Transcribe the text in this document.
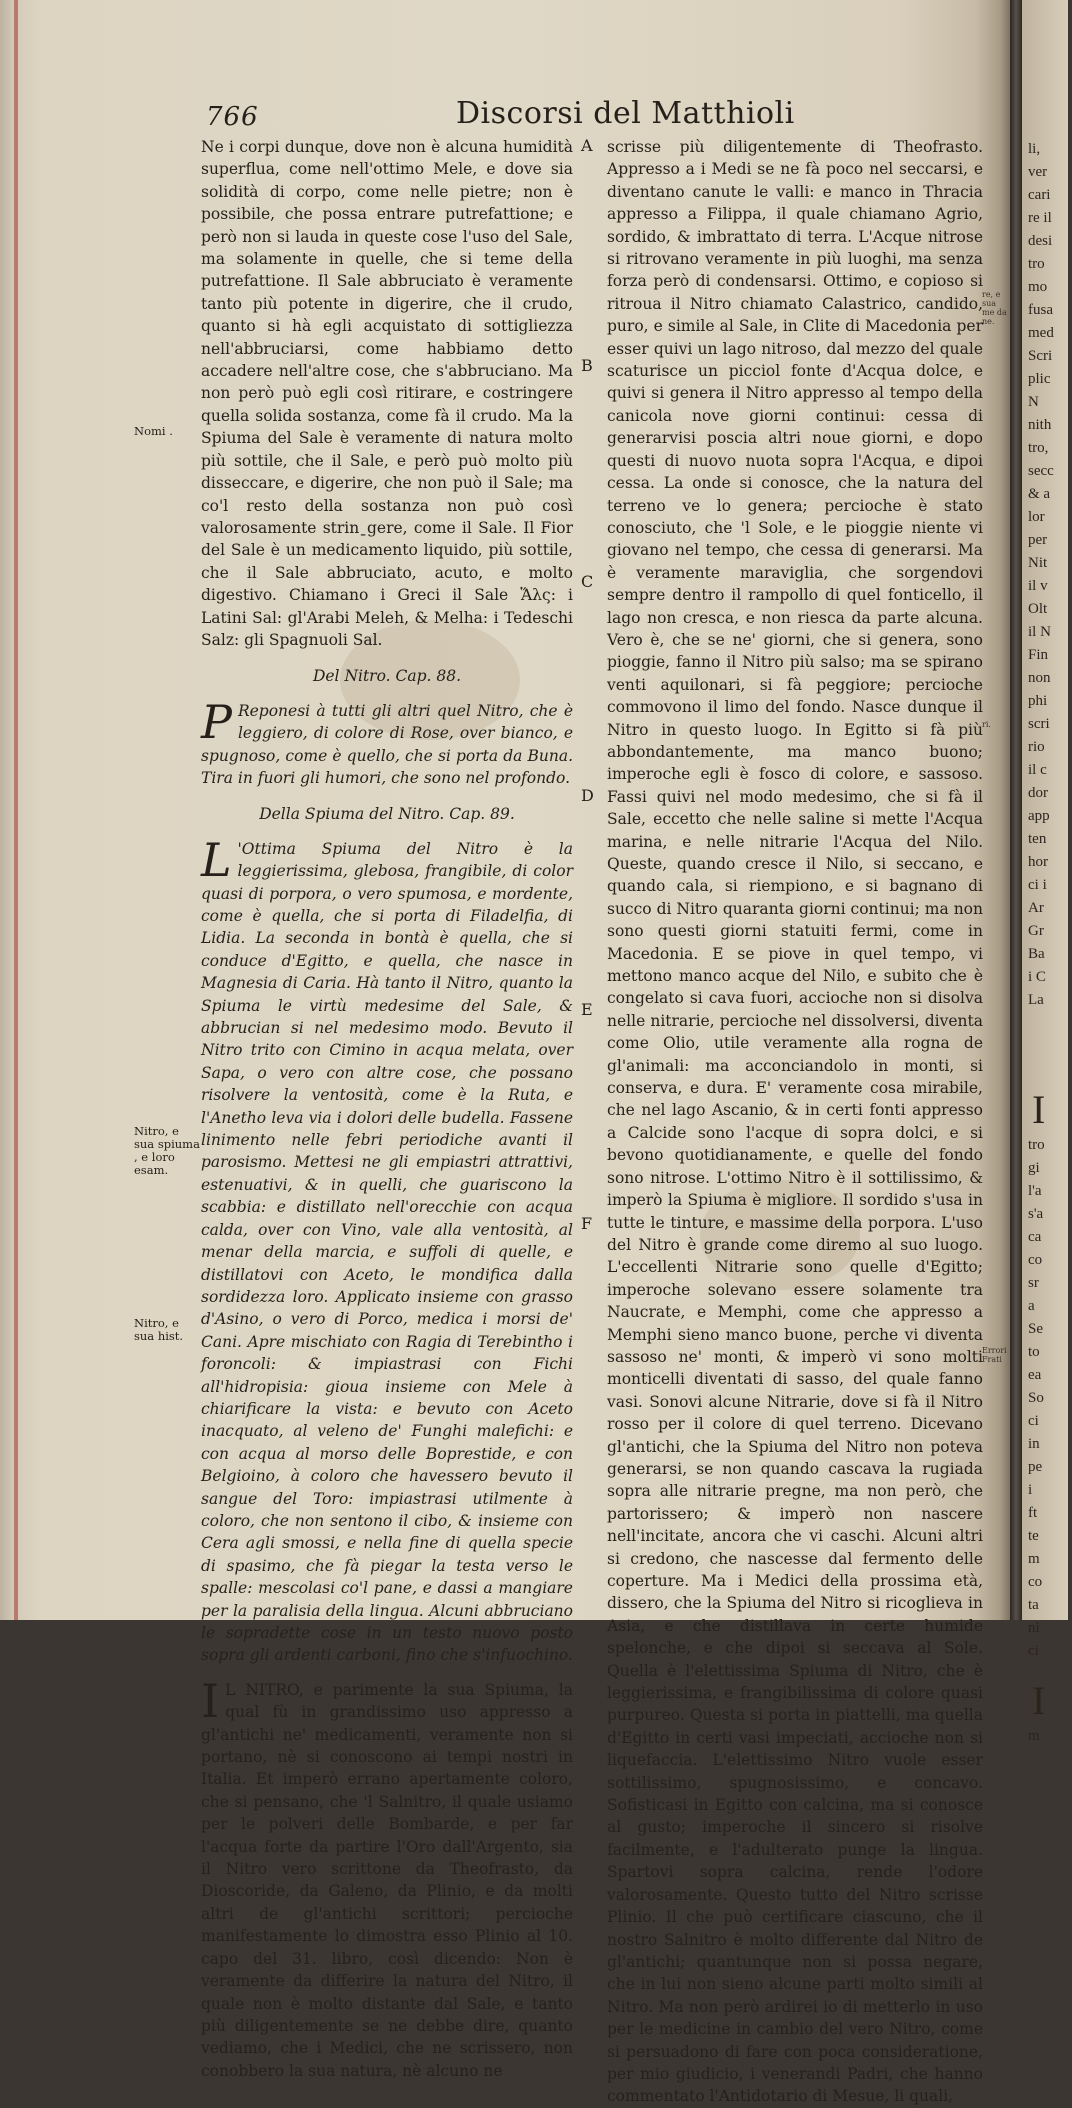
766	Discorsi del Matthioli
A
B
C
D
E
F
Nomi .
Nitro, e sua spiuma , e loro esam.
Nitro, e sua hist.
re, e sua me da ne.
ri.
Errori Frati

Ne i corpi dunque, dove non è alcuna humidità superflua, come nell'ottimo Mele, e dove sia solidità di corpo, come nelle pietre; non è possibile, che possa entrare putrefattione; e però non si lauda in queste cose l'uso del Sale, ma solamente in quelle, che si teme della putrefattione. Il Sale abbruciato è veramente tanto più potente in digerire, che il crudo, quanto si hà egli acquistato di sottigliezza nell'abbruciarsi, come habbiamo detto accadere nell'altre cose, che s'abbruciano. Ma non però può egli così ritirare, e costringere quella solida sostanza, come fà il crudo. Ma la Spiuma del Sale è veramente di natura molto più sottile, che il Sale, e però può molto più disseccare, e digerire, che non può il Sale; ma co'l resto della sostanza non può così valorosamente strinˍgere, come il Sale. Il Fior del Sale è un medicamento liquido, più sottile, che il Sale abbruciato, acuto, e molto digestivo. Chiamano i Greci il Sale Ἅλς: i Latini Sal: gl'Arabi Meleh, & Melha: i Tedeschi Salz: gli Spagnuoli Sal.

Del Nitro. Cap. 88.

P Reponesi à tutti gli altri quel Nitro, che è leggiero, di colore di Rose, over bianco, e spugnoso, come è quello, che si porta da Buna. Tira in fuori gli humori, che sono nel profondo.

Della Spiuma del Nitro. Cap. 89.

L 'Ottima Spiuma del Nitro è la leggierissima, glebosa, frangibile, di color quasi di porpora, o vero spumosa, e mordente, come è quella, che si porta di Filadelfia, di Lidia. La seconda in bontà è quella, che si conduce d'Egitto, e quella, che nasce in Magnesia di Caria. Hà tanto il Nitro, quanto la Spiuma le virtù medesime del Sale, & abbrucian si nel medesimo modo. Bevuto il Nitro trito con Cimino in acqua melata, over Sapa, o vero con altre cose, che possano risolvere la ventosità, come è la Ruta, e l'Anetho leva via i dolori delle budella. Fassene linimento nelle febri periodiche avanti il parosismo. Mettesi ne gli empiastri attrattivi, estenuativi, & in quelli, che guariscono la scabbia: e distillato nell'orecchie con acqua calda, over con Vino, vale alla ventosità, al menar della marcia, e suffoli di quelle, e distillatovi con Aceto, le mondifica dalla sordidezza loro. Applicato insieme con grasso d'Asino, o vero di Porco, medica i morsi de' Cani. Apre mischiato con Ragia di Terebintho i foroncoli: & impiastrasi con Fichi all'hidropisia: gioua insieme con Mele à chiarificare la vista: e bevuto con Aceto inacquato, al veleno de' Funghi malefichi: e con acqua al morso delle Boprestide, e con Belgioino, à coloro che havessero bevuto il sangue del Toro: impiastrasi utilmente à coloro, che non sentono il cibo, & insieme con Cera agli smossi, e nella fine di quella specie di spasimo, che fà piegar la testa verso le spalle: mescolasi co'l pane, e dassi a mangiare per la paralisia della lingua. Alcuni abbruciano le sopradette cose in un testo nuovo posto sopra gli ardenti carboni, fino che s'infuochino.

I L NITRO, e parimente la sua Spiuma, la qual fù in grandissimo uso appresso a gl'antichi ne' medicamenti, veramente non si portano, nè si conoscono ai tempi nostri in Italia. Et imperò errano apertamente coloro, che si pensano, che 'l Salnitro, il quale usiamo per le polveri delle Bombarde, e per far l'acqua forte da partire l'Oro dall'Argento, sia il Nitro vero scrittone da Theofrasto, da Dioscoride, da Galeno, da Plinio, e da molti altri de gl'antichi scrittori; percioche manifestamente lo dimostra esso Plinio al 10. capo del 31. libro, così dicendo: Non è veramente da differire la natura del Nitro, il quale non è molto distante dal Sale, e tanto più diligentemente se ne debbe dire, quanto vediamo, che i Medici, che ne scrissero, non conobbero la sua natura, nè alcuno ne

scrisse più diligentemente di Theofrasto. Appresso a i Medi se ne fà poco nel seccarsi, e diventano canute le valli: e manco in Thracia appresso a Filippa, il quale chiamano Agrio, sordido, & imbrattato di terra. L'Acque nitrose si ritrovano veramente in più luoghi, ma senza forza però di condensarsi. Ottimo, e copioso si ritroua il Nitro chiamato Calastrico, candido, puro, e simile al Sale, in Clite di Macedonia per esser quivi un lago nitroso, dal mezzo del quale scaturisce un picciol fonte d'Acqua dolce, e quivi si genera il Nitro appresso al tempo della canicola nove giorni continui: cessa di generarvisi poscia altri noue giorni, e dopo questi di nuovo nuota sopra l'Acqua, e dipoi cessa. La onde si conosce, che la natura del terreno ve lo genera; percioche è stato conosciuto, che 'l Sole, e le pioggie niente vi giovano nel tempo, che cessa di generarsi. Ma è veramente maraviglia, che sorgendovi sempre dentro il rampollo di quel fonticello, il lago non cresca, e non riesca da parte alcuna. Vero è, che se ne' giorni, che si genera, sono pioggie, fanno il Nitro più salso; ma se spirano venti aquilonari, si fà peggiore; percioche commovono il limo del fondo. Nasce dunque il Nitro in questo luogo. In Egitto si fà più abbondantemente, ma manco buono; imperoche egli è fosco di colore, e sassoso. Fassi quivi nel modo medesimo, che si fà il Sale, eccetto che nelle saline si mette l'Acqua marina, e nelle nitrarie l'Acqua del Nilo. Queste, quando cresce il Nilo, si seccano, e quando cala, si riempiono, e si bagnano di succo di Nitro quaranta giorni continui; ma non sono questi giorni statuiti fermi, come in Macedonia. E se piove in quel tempo, vi mettono manco acque del Nilo, e subito che è congelato si cava fuori, accioche non si disolva nelle nitrarie, percioche nel dissolversi, diventa come Olio, utile veramente alla rogna de gl'animali: ma acconciandolo in monti, si conserva, e dura. E' veramente cosa mirabile, che nel lago Ascanio, & in certi fonti appresso a Calcide sono l'acque di sopra dolci, e si bevono quotidianamente, e quelle del fondo sono nitrose. L'ottimo Nitro è il sottilissimo, & imperò la Spiuma è migliore. Il sordido s'usa in tutte le tinture, e massime della porpora. L'uso del Nitro è grande come diremo al suo luogo. L'eccellenti Nitrarie sono quelle d'Egitto; imperoche solevano essere solamente tra Naucrate, e Memphi, come che appresso a Memphi sieno manco buone, perche vi diventa sassoso ne' monti, & imperò vi sono molti monticelli diventati di sasso, del quale fanno vasi. Sonovi alcune Nitrarie, dove si fà il Nitro rosso per il colore di quel terreno. Dicevano gl'antichi, che la Spiuma del Nitro non poteva generarsi, se non quando cascava la rugiada sopra alle nitrarie pregne, ma non però, che partorissero; & imperò non nascere nell'incitate, ancora che vi caschi. Alcuni altri si credono, che nascesse dal fermento delle coperture. Ma i Medici della prossima età, dissero, che la Spiuma del Nitro si ricoglieva in Asia, e che distillava in certe humide spelonche, e che dipoi si seccava al Sole. Quella è l'elettissima Spiuma di Nitro, che è leggierissima, e frangibilissima di colore quasi purpureo. Questa si porta in piattelli, ma quella d'Egitto in certi vasi impeciati, accioche non si liquefaccia. L'elettissimo Nitro vuole esser sottilissimo, spugnosissimo, e concavo. Sofisticasi in Egitto con calcina, ma si conosce al gusto; imperoche il sincero si risolve facilmente, e l'adulterato punge la lingua. Spartovi sopra calcina, rende l'odore valorosamente. Questo tutto del Nitro scrisse Plinio. Il che può certificare ciascuno, che il nostro Salnitro è molto differente dal Nitro de gl'antichi; quantunque non si possa negare, che in lui non sieno alcune parti molto simili al Nitro. Ma non però ardirei io di metterlo in uso per le medicine in cambio del vero Nitro, come si persuadono di fare con poca consideratione, per mio giudicio, i venerandi Padri, che hanno commentato l'Antidotario di Mesue, li quali,

li,
ver
cari
re il
desi
tro
mo
fusa
med
Scri
plic
N
nith
tro,
secc
& a
lor
per
Nit
il v
Olt
il N
Fin
non
phi
scri
rio
il c
dor
app
ten
hor
ci i
Ar
Gr
Ba
i C
La
I
tro
gi
l'a
s'a
ca
co
sr
a
Se
to
ea
So
ci
in
pe
i
ft
te
m
co
ta
ni
ci
I
m
